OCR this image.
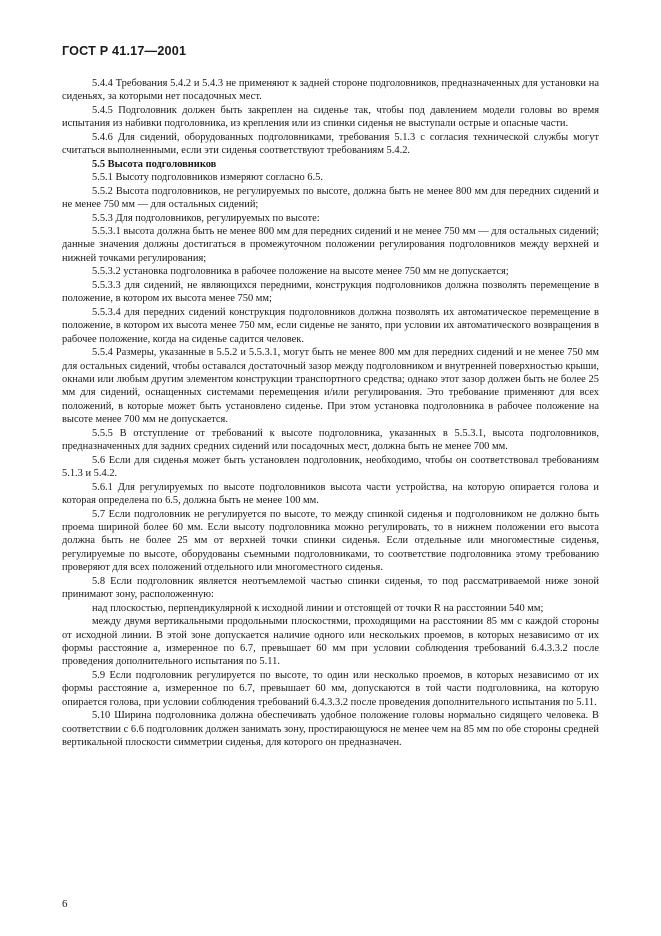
ГОСТ Р 41.17—2001

5.4.4 Требования 5.4.2 и 5.4.3 не применяют к задней стороне подголовников, предназначенных для установки на сиденьях, за которыми нет посадочных мест.

5.4.5 Подголовник должен быть закреплен на сиденье так, чтобы под давлением модели головы во время испытания из набивки подголовника, из крепления или из спинки сиденья не выступали острые и опасные части.

5.4.6 Для сидений, оборудованных подголовниками, требования 5.1.3 с согласия технической службы могут считаться выполненными, если эти сиденья соответствуют требованиям 5.4.2.

5.5 Высота подголовников

5.5.1 Высоту подголовников измеряют согласно 6.5.

5.5.2 Высота подголовников, не регулируемых по высоте, должна быть не менее 800 мм для передних сидений и не менее 750 мм — для остальных сидений;

5.5.3 Для подголовников, регулируемых по высоте:

5.5.3.1 высота должна быть не менее 800 мм для передних сидений и не менее 750 мм — для остальных сидений; данные значения должны достигаться в промежуточном положении регулирования подголовников между верхней и нижней точками регулирования;

5.5.3.2 установка подголовника в рабочее положение на высоте менее 750 мм не допускается;

5.5.3.3 для сидений, не являющихся передними, конструкция подголовников должна позволять перемещение в положение, в котором их высота менее 750 мм;

5.5.3.4 для передних сидений конструкция подголовников должна позволять их автоматическое перемещение в положение, в котором их высота менее 750 мм, если сиденье не занято, при условии их автоматического возвращения в рабочее положение, когда на сиденье садится человек.

5.5.4 Размеры, указанные в 5.5.2 и 5.5.3.1, могут быть не менее 800 мм для передних сидений и не менее 750 мм для остальных сидений, чтобы оставался достаточный зазор между подголовником и внутренней поверхностью крыши, окнами или любым другим элементом конструкции транспортного средства; однако этот зазор должен быть не более 25 мм для сидений, оснащенных системами перемещения и/или регулирования. Это требование применяют для всех положений, в которые может быть установлено сиденье. При этом установка подголовника в рабочее положение на высоте менее 700 мм не допускается.

5.5.5 В отступление от требований к высоте подголовника, указанных в 5.5.3.1, высота подголовников, предназначенных для задних средних сидений или посадочных мест, должна быть не менее 700 мм.

5.6 Если для сиденья может быть установлен подголовник, необходимо, чтобы он соответствовал требованиям 5.1.3 и 5.4.2.

5.6.1 Для регулируемых по высоте подголовников высота части устройства, на которую опирается голова и которая определена по 6.5, должна быть не менее 100 мм.

5.7 Если подголовник не регулируется по высоте, то между спинкой сиденья и подголовником не должно быть проема шириной более 60 мм. Если высоту подголовника можно регулировать, то в нижнем положении его высота должна быть не более 25 мм от верхней точки спинки сиденья. Если отдельные или многоместные сиденья, регулируемые по высоте, оборудованы съемными подголовниками, то соответствие подголовника этому требованию проверяют для всех положений отдельного или многоместного сиденья.

5.8 Если подголовник является неотъемлемой частью спинки сиденья, то под рассматриваемой ниже зоной принимают зону, расположенную:

над плоскостью, перпендикулярной к исходной линии и отстоящей от точки R на расстоянии 540 мм;

между двумя вертикальными продольными плоскостями, проходящими на расстоянии 85 мм с каждой стороны от исходной линии. В этой зоне допускается наличие одного или нескольких проемов, в которых независимо от их формы расстояние a, измеренное по 6.7, превышает 60 мм при условии соблюдения требований 6.4.3.3.2 после проведения дополнительного испытания по 5.11.

5.9 Если подголовник регулируется по высоте, то один или несколько проемов, в которых независимо от их формы расстояние a, измеренное по 6.7, превышает 60 мм, допускаются в той части подголовника, на которую опирается голова, при условии соблюдения требований 6.4.3.3.2 после проведения дополнительного испытания по 5.11.

5.10 Ширина подголовника должна обеспечивать удобное положение головы нормально сидящего человека. В соответствии с 6.6 подголовник должен занимать зону, простирающуюся не менее чем на 85 мм по обе стороны средней вертикальной плоскости симметрии сиденья, для которого он предназначен.

6
